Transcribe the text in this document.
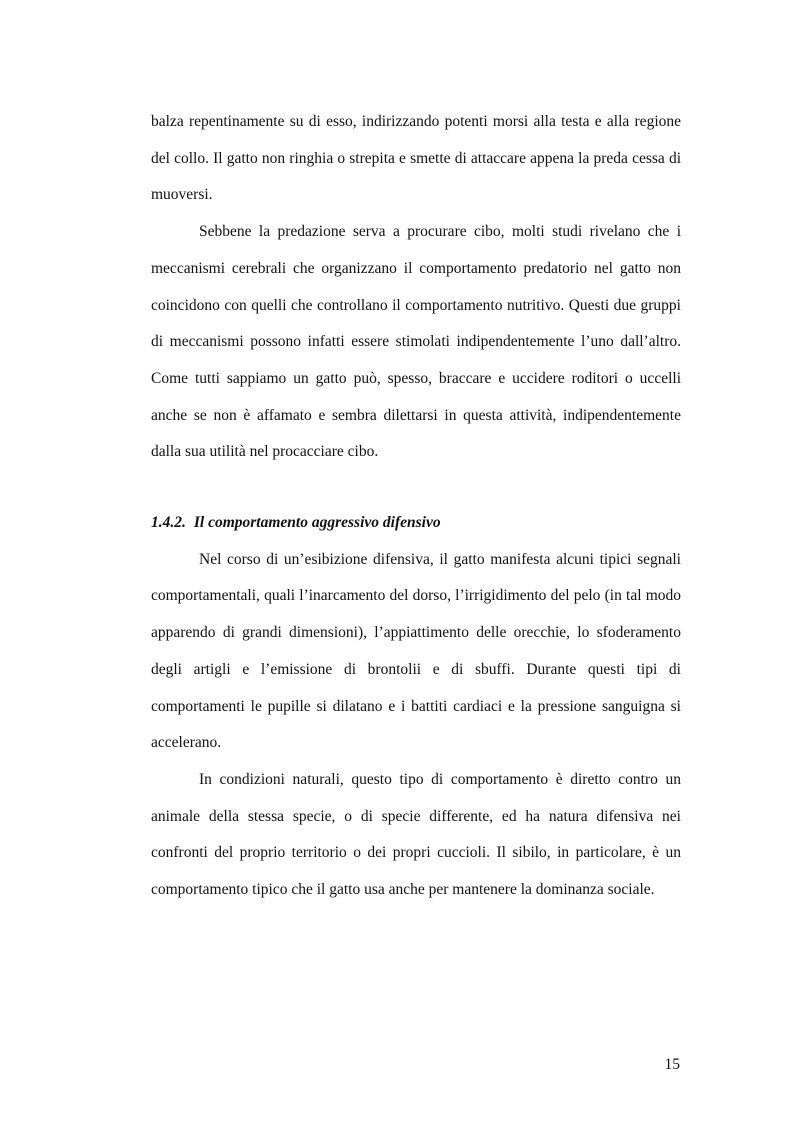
balza repentinamente su di esso, indirizzando potenti morsi alla testa e alla regione del collo. Il gatto non ringhia o strepita e smette di attaccare appena la preda cessa di muoversi.

Sebbene la predazione serva a procurare cibo, molti studi rivelano che i meccanismi cerebrali che organizzano il comportamento predatorio nel gatto non coincidono con quelli che controllano il comportamento nutritivo. Questi due gruppi di meccanismi possono infatti essere stimolati indipendentemente l’uno dall’altro. Come tutti sappiamo un gatto può, spesso, braccare e uccidere roditori o uccelli anche se non è affamato e sembra dilettarsi in questa attività, indipendentemente dalla sua utilità nel procacciare cibo.

1.4.2. Il comportamento aggressivo difensivo

Nel corso di un’esibizione difensiva, il gatto manifesta alcuni tipici segnali comportamentali, quali l’inarcamento del dorso, l’irrigidimento del pelo (in tal modo apparendo di grandi dimensioni), l’appiattimento delle orecchie, lo sfoderamento degli artigli e l’emissione di brontolii e di sbuffi. Durante questi tipi di comportamenti le pupille si dilatano e i battiti cardiaci e la pressione sanguigna si accelerano.

In condizioni naturali, questo tipo di comportamento è diretto contro un animale della stessa specie, o di specie differente, ed ha natura difensiva nei confronti del proprio territorio o dei propri cuccioli. Il sibilo, in particolare, è un comportamento tipico che il gatto usa anche per mantenere la dominanza sociale.

15
